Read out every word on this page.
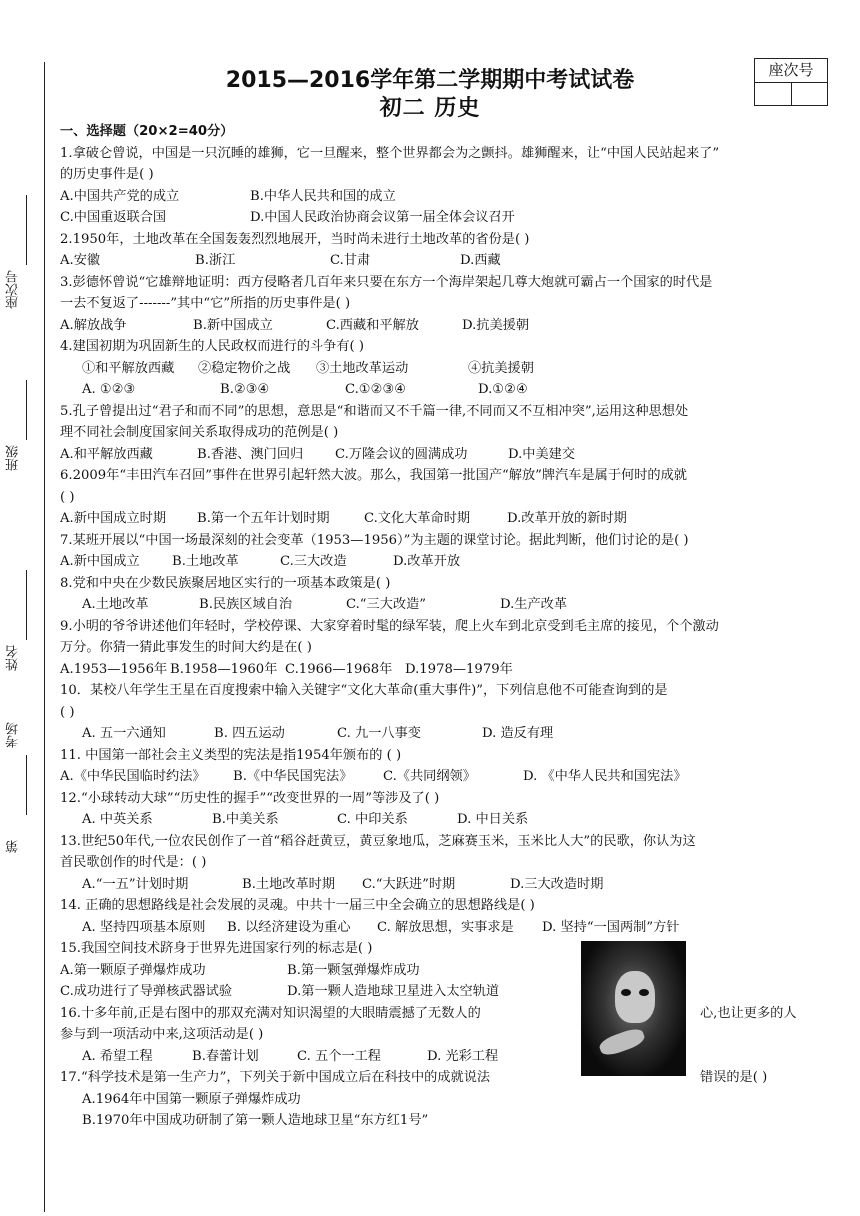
座次号
班级
姓名
考场
第
2015—2016学年第二学期期中考试试卷
初二 历史
座次号
一、选择题（20×2=40分）
1.拿破仑曾说，中国是一只沉睡的雄狮，它一旦醒来，整个世界都会为之颤抖。雄狮醒来，让“中国人民站起来了”
的历史事件是( )
A.中国共产党的成立	B.中华人民共和国的成立
C.中国重返联合国	D.中国人民政治协商会议第一届全体会议召开
2.1950年，土地改革在全国轰轰烈烈地展开，当时尚未进行土地改革的省份是( )
A.安徽	B.浙江	C.甘肃	D.西藏
3.彭德怀曾说“它雄辩地证明：西方侵略者几百年来只要在东方一个海岸架起几尊大炮就可霸占一个国家的时代是
一去不复返了-------”其中“它”所指的历史事件是( )
A.解放战争	B.新中国成立	C.西藏和平解放	D.抗美援朝
4.建国初期为巩固新生的人民政权而进行的斗争有( )
①和平解放西藏 ②稳定物价之战 ③土地改革运动	④抗美援朝
A. ①②③	B.②③④	C.①②③④	D.①②④
5.孔子曾提出过“君子和而不同”的思想，意思是“和谐而又不千篇一律,不同而又不互相冲突”,运用这种思想处
理不同社会制度国家间关系取得成功的范例是( )
A.和平解放西藏	B.香港、澳门回归 C.万隆会议的圆满成功	D.中美建交
6.2009年“丰田汽车召回”事件在世界引起轩然大波。那么，我国第一批国产“解放”牌汽车是属于何时的成就
( )
A.新中国成立时期 B.第一个五年计划时期	C.文化大革命时期	D.改革开放的新时期
7.某班开展以“中国一场最深刻的社会变革（1953—1956）”为主题的课堂讨论。据此判断，他们讨论的是( )
A.新中国成立 B.土地改革	C.三大改造	D.改革开放
8.党和中央在少数民族聚居地区实行的一项基本政策是( )
A.土地改革	B.民族区域自治	C.“三大改造”	D.生产改革
9.小明的爷爷讲述他们年轻时，学校停课、大家穿着时髦的绿军装，爬上火车到北京受到毛主席的接见，个个激动
万分。你猜一猜此事发生的时间大约是在( )
A.1953—1956年 B.1958—1960年 C.1966—1968年 D.1978—1979年
10．某校八年学生王星在百度搜索中输入关键字“文化大革命(重大事件)”，下列信息他不可能查询到的是
( )
A. 五一六通知	B. 四五运动	C. 九一八事变	D. 造反有理
11. 中国第一部社会主义类型的宪法是指1954年颁布的 ( )
A.《中华民国临时约法》 B.《中华民国宪法》 C.《共同纲领》	D. 《中华人民共和国宪法》
12.“小球转动大球”“历史性的握手”“改变世界的一周”等涉及了( )
A. 中英关系	B.中美关系	C. 中印关系	D. 中日关系
13.世纪50年代,一位农民创作了一首“稻谷赶黄豆，黄豆象地瓜，芝麻赛玉米，玉米比人大”的民歌，你认为这
首民歌创作的时代是：( )
A.“一五”计划时期	B.土地改革时期 C.“大跃进”时期	D.三大改造时期
14. 正确的思想路线是社会发展的灵魂。中共十一届三中全会确立的思想路线是( )
A. 坚持四项基本原则 B. 以经济建设为重心 C. 解放思想，实事求是 D. 坚持“一国两制”方针
15.我国空间技术跻身于世界先进国家行列的标志是( )
A.第一颗原子弹爆炸成功	B.第一颗氢弹爆炸成功
C.成功进行了导弹核武器试验	D.第一颗人造地球卫星进入太空轨道
16.十多年前,正是右图中的那双充满对知识渴望的大眼睛震撼了无数人的	心,也让更多的人
参与到一项活动中来,这项活动是( )
A. 希望工程	B.春蕾计划	C. 五个一工程	D. 光彩工程
17.“科学技术是第一生产力”，下列关于新中国成立后在科技中的成就说法	错误的是( )
A.1964年中国第一颗原子弹爆炸成功
B.1970年中国成功研制了第一颗人造地球卫星“东方红1号”
